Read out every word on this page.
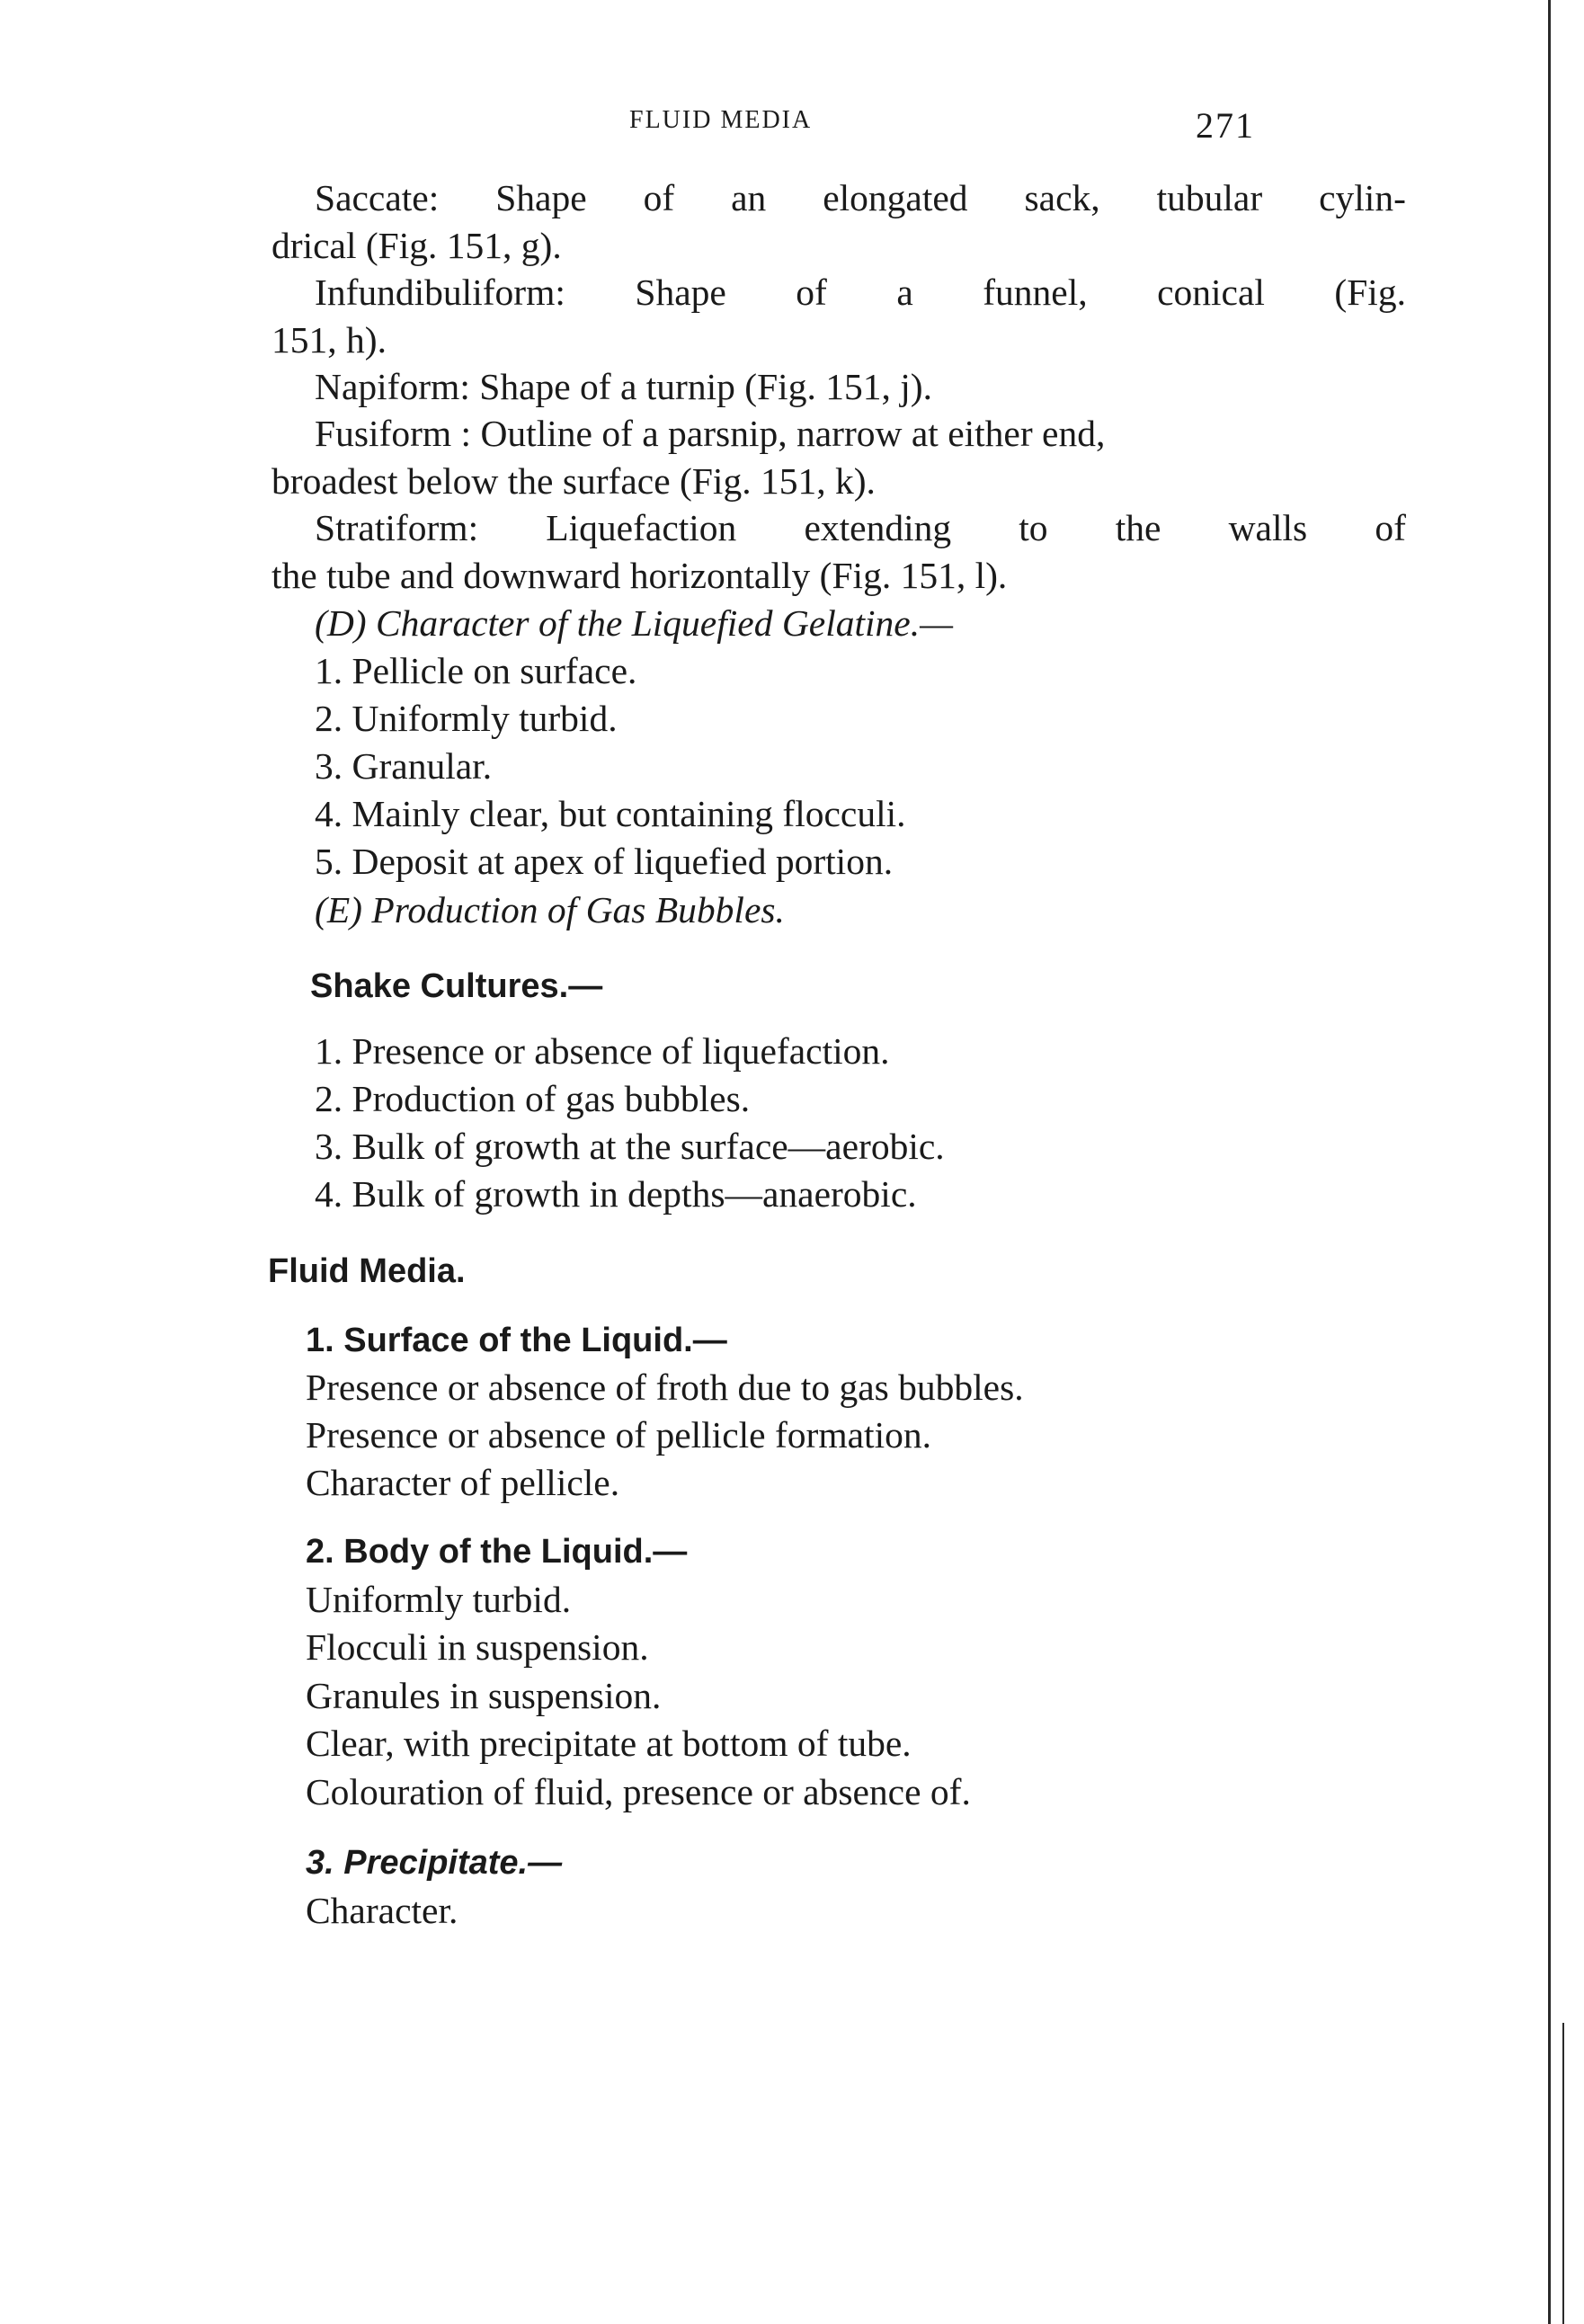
FLUID MEDIA	271
Saccate: Shape of an elongated sack, tubular cylin-
drical (Fig. 151, g).
Infundibuliform: Shape of a funnel, conical (Fig.
151, h).
Napiform: Shape of a turnip (Fig. 151, j).
Fusiform : Outline of a parsnip, narrow at either end,
broadest below the surface (Fig. 151, k).
Stratiform: Liquefaction extending to the walls of
the tube and downward horizontally (Fig. 151, l).
(D) Character of the Liquefied Gelatine.—
1. Pellicle on surface.
2. Uniformly turbid.
3. Granular.
4. Mainly clear, but containing flocculi.
5. Deposit at apex of liquefied portion.
(E) Production of Gas Bubbles.
Shake Cultures.—
1. Presence or absence of liquefaction.
2. Production of gas bubbles.
3. Bulk of growth at the surface—aerobic.
4. Bulk of growth in depths—anaerobic.
Fluid Media.
1. Surface of the Liquid.—
Presence or absence of froth due to gas bubbles.
Presence or absence of pellicle formation.
Character of pellicle.
2. Body of the Liquid.—
Uniformly turbid.
Flocculi in suspension.
Granules in suspension.
Clear, with precipitate at bottom of tube.
Colouration of fluid, presence or absence of.
3. Precipitate.—
Character.
